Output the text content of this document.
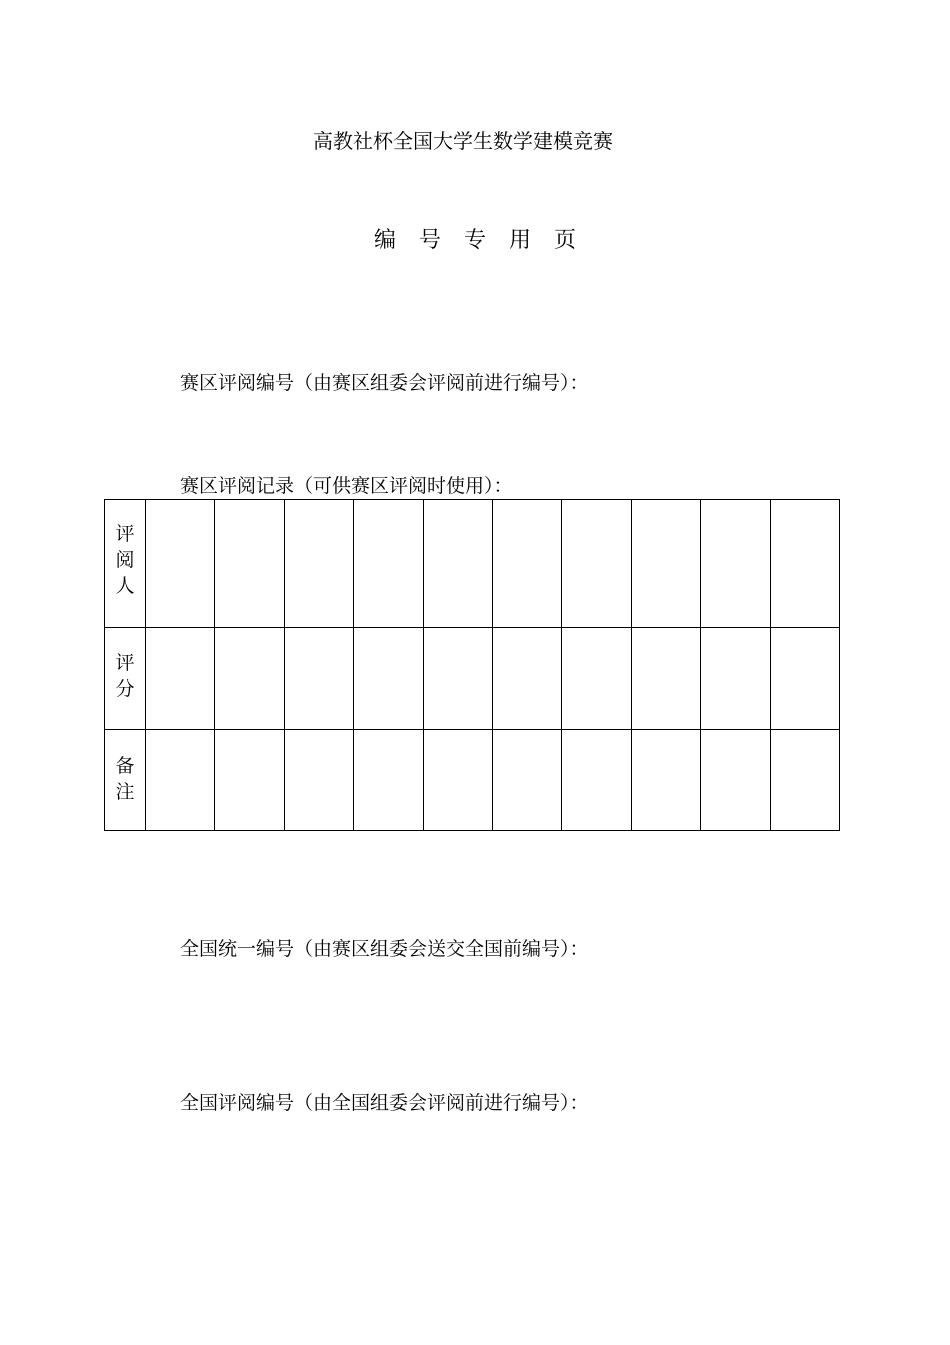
高教社杯全国大学生数学建模竞赛
编 号 专 用 页
赛区评阅编号（由赛区组委会评阅前进行编号）：
赛区评阅记录（可供赛区评阅时使用）：
评阅人										
评分										
备注										
全国统一编号（由赛区组委会送交全国前编号）：
全国评阅编号（由全国组委会评阅前进行编号）：
